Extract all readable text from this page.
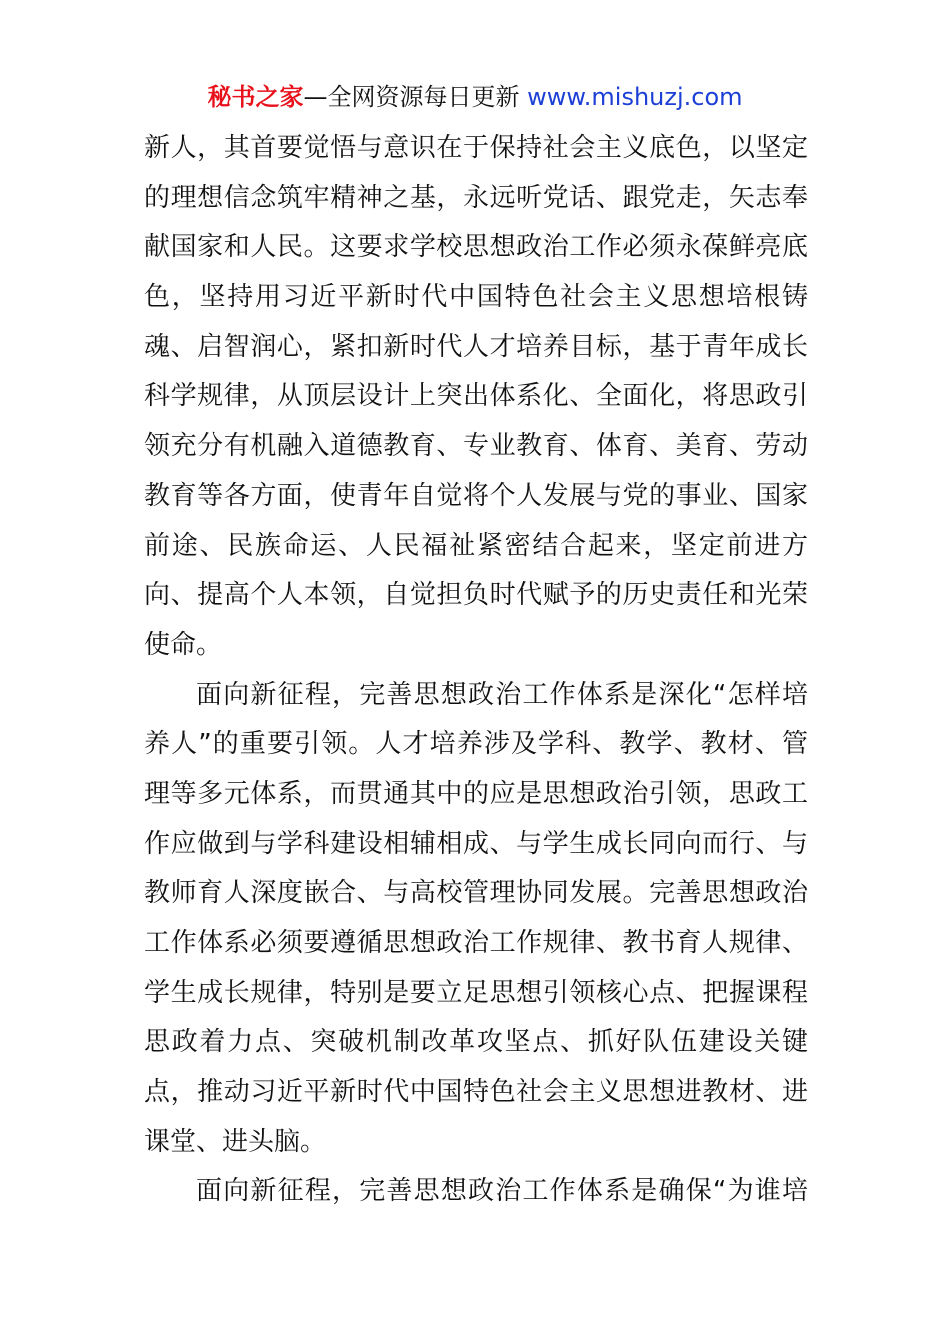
秘书之家—全网资源每日更新 www.mishuzj.com
新人，其首要觉悟与意识在于保持社会主义底色，以坚定
的理想信念筑牢精神之基，永远听党话、跟党走，矢志奉
献国家和人民。这要求学校思想政治工作必须永葆鲜亮底
色，坚持用习近平新时代中国特色社会主义思想培根铸
魂、启智润心，紧扣新时代人才培养目标，基于青年成长
科学规律，从顶层设计上突出体系化、全面化，将思政引
领充分有机融入道德教育、专业教育、体育、美育、劳动
教育等各方面，使青年自觉将个人发展与党的事业、国家
前途、民族命运、人民福祉紧密结合起来，坚定前进方
向、提高个人本领，自觉担负时代赋予的历史责任和光荣
使命。
面向新征程，完善思想政治工作体系是深化“怎样培
养人”的重要引领。人才培养涉及学科、教学、教材、管
理等多元体系，而贯通其中的应是思想政治引领，思政工
作应做到与学科建设相辅相成、与学生成长同向而行、与
教师育人深度嵌合、与高校管理协同发展。完善思想政治
工作体系必须要遵循思想政治工作规律、教书育人规律、
学生成长规律，特别是要立足思想引领核心点、把握课程
思政着力点、突破机制改革攻坚点、抓好队伍建设关键
点，推动习近平新时代中国特色社会主义思想进教材、进
课堂、进头脑。
面向新征程，完善思想政治工作体系是确保“为谁培
